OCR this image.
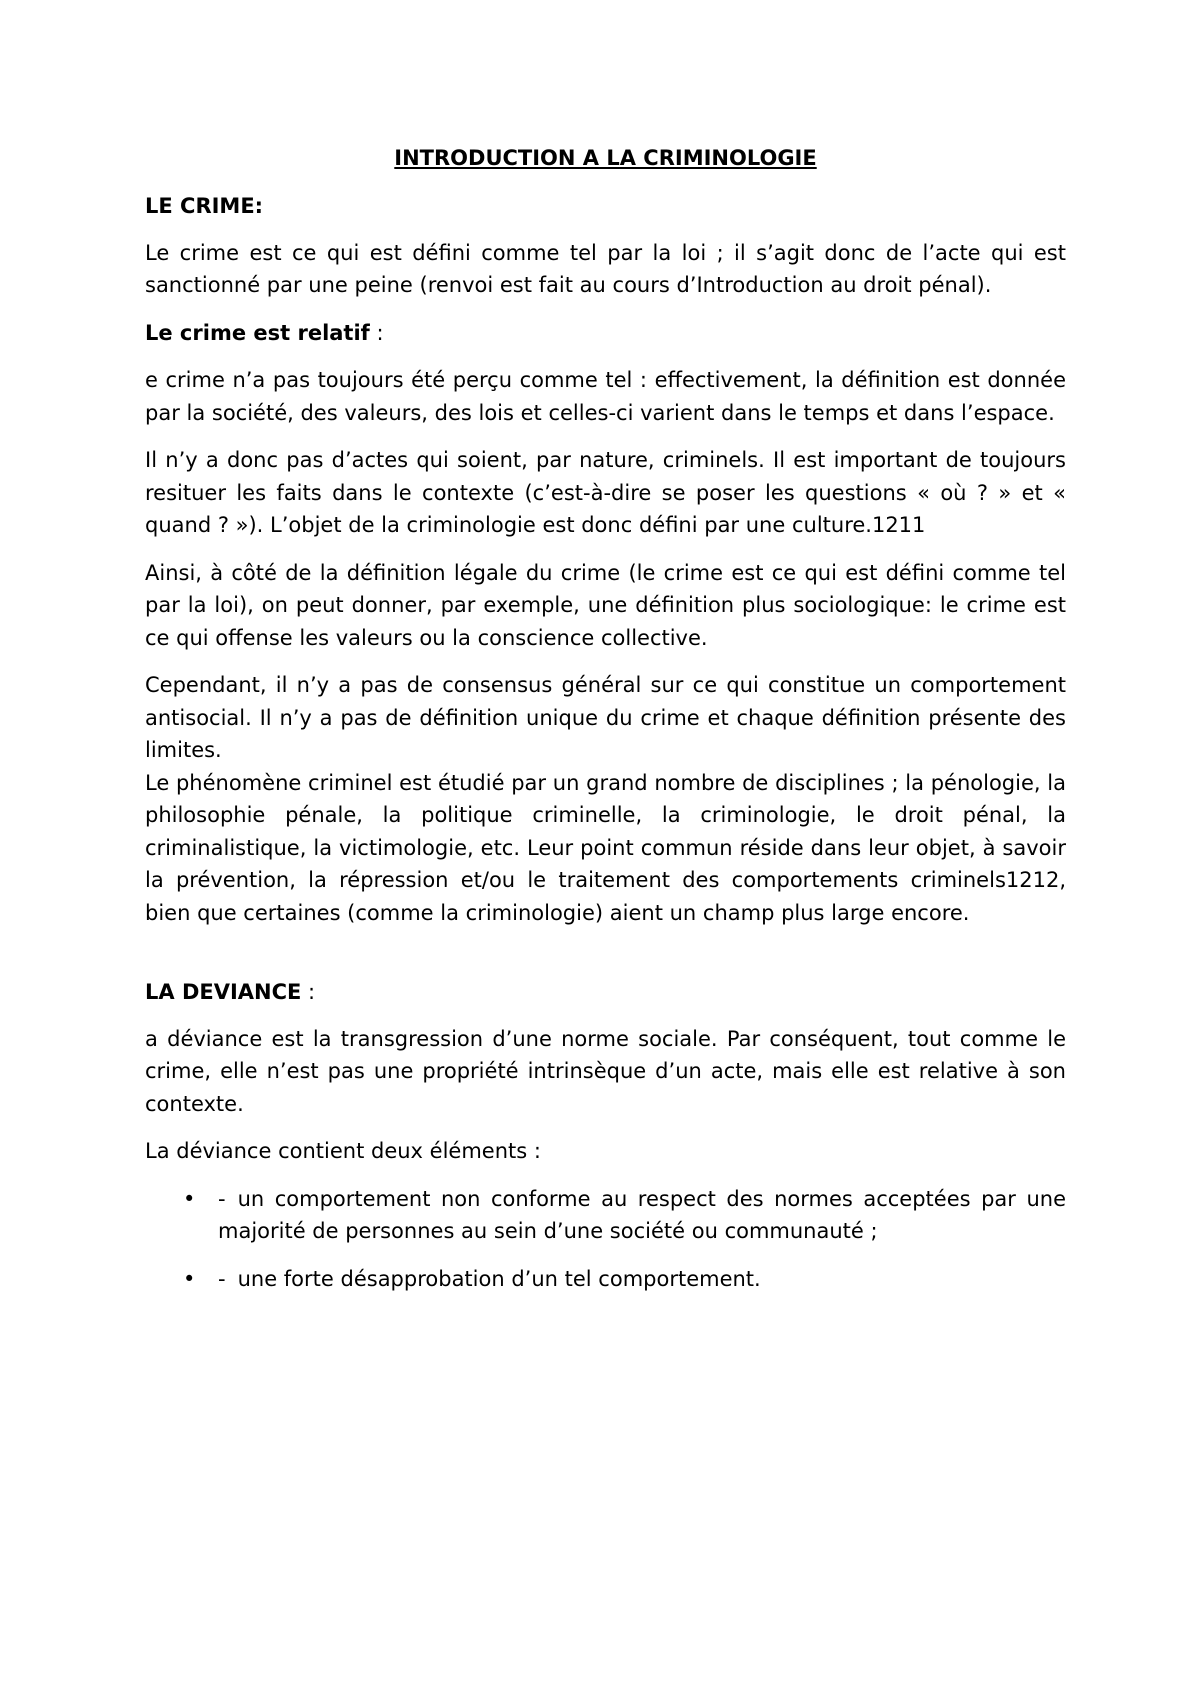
INTRODUCTION A LA CRIMINOLOGIE

LE CRIME:

Le crime est ce qui est défini comme tel par la loi ; il s’agit donc de l’acte qui est sanctionné par une peine (renvoi est fait au cours d’Introduction au droit pénal).

Le crime est relatif :

e crime n’a pas toujours été perçu comme tel : effectivement, la définition est donnée par la société, des valeurs, des lois et celles-ci varient dans le temps et dans l’espace.

Il n’y a donc pas d’actes qui soient, par nature, criminels. Il est important de toujours resituer les faits dans le contexte (c’est-à-dire se poser les questions « où ? » et « quand ? »). L’objet de la criminologie est donc défini par une culture.1211

Ainsi, à côté de la définition légale du crime (le crime est ce qui est défini comme tel par la loi), on peut donner, par exemple, une définition plus sociologique: le crime est ce qui offense les valeurs ou la conscience collective.

Cependant, il n’y a pas de consensus général sur ce qui constitue un comportement antisocial. Il n’y a pas de définition unique du crime et chaque définition présente des limites.
Le phénomène criminel est étudié par un grand nombre de disciplines ; la pénologie, la philosophie pénale, la politique criminelle, la criminologie, le droit pénal, la criminalistique, la victimologie, etc. Leur point commun réside dans leur objet, à savoir la prévention, la répression et/ou le traitement des comportements criminels1212, bien que certaines (comme la criminologie) aient un champ plus large encore.

LA DEVIANCE :

a déviance est la transgression d’une norme sociale. Par conséquent, tout comme le crime, elle n’est pas une propriété intrinsèque d’un acte, mais elle est relative à son contexte.

La déviance contient deux éléments :

• - un comportement non conforme au respect des normes acceptées par une majorité de personnes au sein d’une société ou communauté ;
• - une forte désapprobation d’un tel comportement.
